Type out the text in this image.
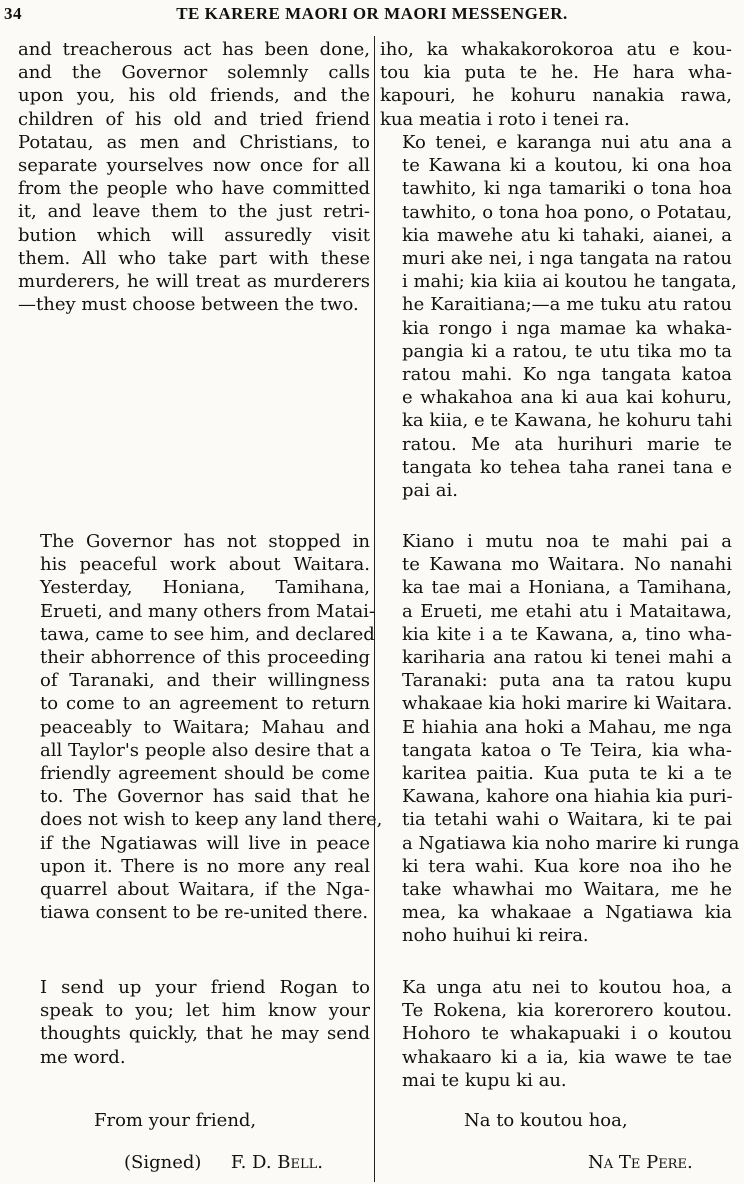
34	TE KARERE MAORI OR MAORI MESSENGER.

and treacherous act has been done,
and the Governor solemnly calls
upon you, his old friends, and the
children of his old and tried friend
Potatau, as men and Christians, to
separate yourselves now once for all
from the people who have committed
it, and leave them to the just retri-
bution which will assuredly visit
them. All who take part with these
murderers, he will treat as murderers
—they must choose between the two.

The Governor has not stopped in
his peaceful work about Waitara.
Yesterday, Honiana, Tamihana,
Erueti, and many others from Matai-
tawa, came to see him, and declared
their abhorrence of this proceeding
of Taranaki, and their willingness
to come to an agreement to return
peaceably to Waitara; Mahau and
all Taylor's people also desire that a
friendly agreement should be come
to. The Governor has said that he
does not wish to keep any land there,
if the Ngatiawas will live in peace
upon it. There is no more any real
quarrel about Waitara, if the Nga-
tiawa consent to be re-united there.

I send up your friend Rogan to
speak to you; let him know your
thoughts quickly, that he may send
me word.

From your friend,
(Signed) F. D. Bell.

iho, ka whakakorokoroa atu e kou-
tou kia puta te he. He hara wha-
kapouri, he kohuru nanakia rawa,
kua meatia i roto i tenei ra.

Ko tenei, e karanga nui atu ana a
te Kawana ki a koutou, ki ona hoa
tawhito, ki nga tamariki o tona hoa
tawhito, o tona hoa pono, o Potatau,
kia mawehe atu ki tahaki, aianei, a
muri ake nei, i nga tangata na ratou
i mahi; kia kiia ai koutou he tangata,
he Karaitiana;—a me tuku atu ratou
kia rongo i nga mamae ka whaka-
pangia ki a ratou, te utu tika mo ta
ratou mahi. Ko nga tangata katoa
e whakahoa ana ki aua kai kohuru,
ka kiia, e te Kawana, he kohuru tahi
ratou. Me ata hurihuri marie te
tangata ko tehea taha ranei tana e
pai ai.

Kiano i mutu noa te mahi pai a
te Kawana mo Waitara. No nanahi
ka tae mai a Honiana, a Tamihana,
a Erueti, me etahi atu i Mataitawa,
kia kite i a te Kawana, a, tino wha-
kariharia ana ratou ki tenei mahi a
Taranaki: puta ana ta ratou kupu
whakaae kia hoki marire ki Waitara.
E hiahia ana hoki a Mahau, me nga
tangata katoa o Te Teira, kia wha-
karitea paitia. Kua puta te ki a te
Kawana, kahore ona hiahia kia puri-
tia tetahi wahi o Waitara, ki te pai
a Ngatiawa kia noho marire ki runga
ki tera wahi. Kua kore noa iho he
take whawhai mo Waitara, me he
mea, ka whakaae a Ngatiawa kia
noho huihui ki reira.

Ka unga atu nei to koutou hoa, a
Te Rokena, kia korerorero koutou.
Hohoro te whakapuaki i o koutou
whakaaro ki a ia, kia wawe te tae
mai te kupu ki au.

Na to koutou hoa,
Na Te Pere.
